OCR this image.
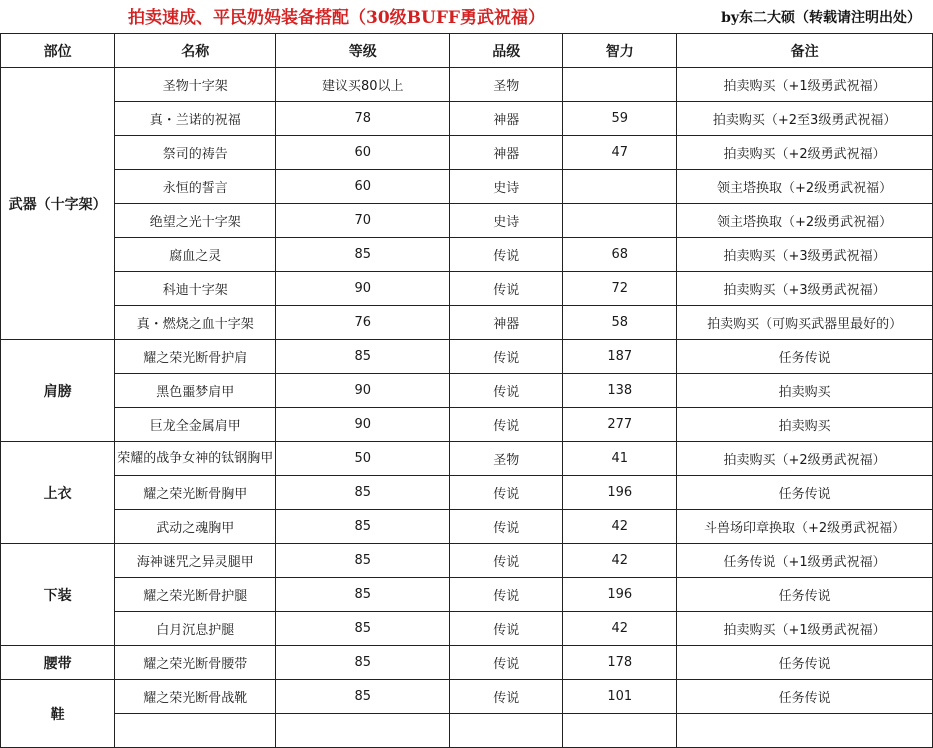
拍卖速成、平民奶妈装备搭配（30级BUFF勇武祝福）	by东二大硕（转载请注明出处）
部位	名称	等级	品级	智力	备注
武器（十字架）	圣物十字架	建议买80以上	圣物		拍卖购买（+1级勇武祝福）
	真・兰诺的祝福	78	神器	59	拍卖购买（+2至3级勇武祝福）
	祭司的祷告	60	神器	47	拍卖购买（+2级勇武祝福）
	永恒的誓言	60	史诗		领主塔换取（+2级勇武祝福）
	绝望之光十字架	70	史诗		领主塔换取（+2级勇武祝福）
	腐血之灵	85	传说	68	拍卖购买（+3级勇武祝福）
	科迪十字架	90	传说	72	拍卖购买（+3级勇武祝福）
	真・燃烧之血十字架	76	神器	58	拍卖购买（可购买武器里最好的）
肩膀	耀之荣光断骨护肩	85	传说	187	任务传说
	黑色噩梦肩甲	90	传说	138	拍卖购买
	巨龙全金属肩甲	90	传说	277	拍卖购买
上衣	荣耀的战争女神的钛钢胸甲	50	圣物	41	拍卖购买（+2级勇武祝福）
	耀之荣光断骨胸甲	85	传说	196	任务传说
	武动之魂胸甲	85	传说	42	斗兽场印章换取（+2级勇武祝福）
下装	海神谜咒之异灵腿甲	85	传说	42	任务传说（+1级勇武祝福）
	耀之荣光断骨护腿	85	传说	196	任务传说
	白月沉息护腿	85	传说	42	拍卖购买（+1级勇武祝福）
腰带	耀之荣光断骨腰带	85	传说	178	任务传说
鞋	耀之荣光断骨战靴	85	传说	101	任务传说
